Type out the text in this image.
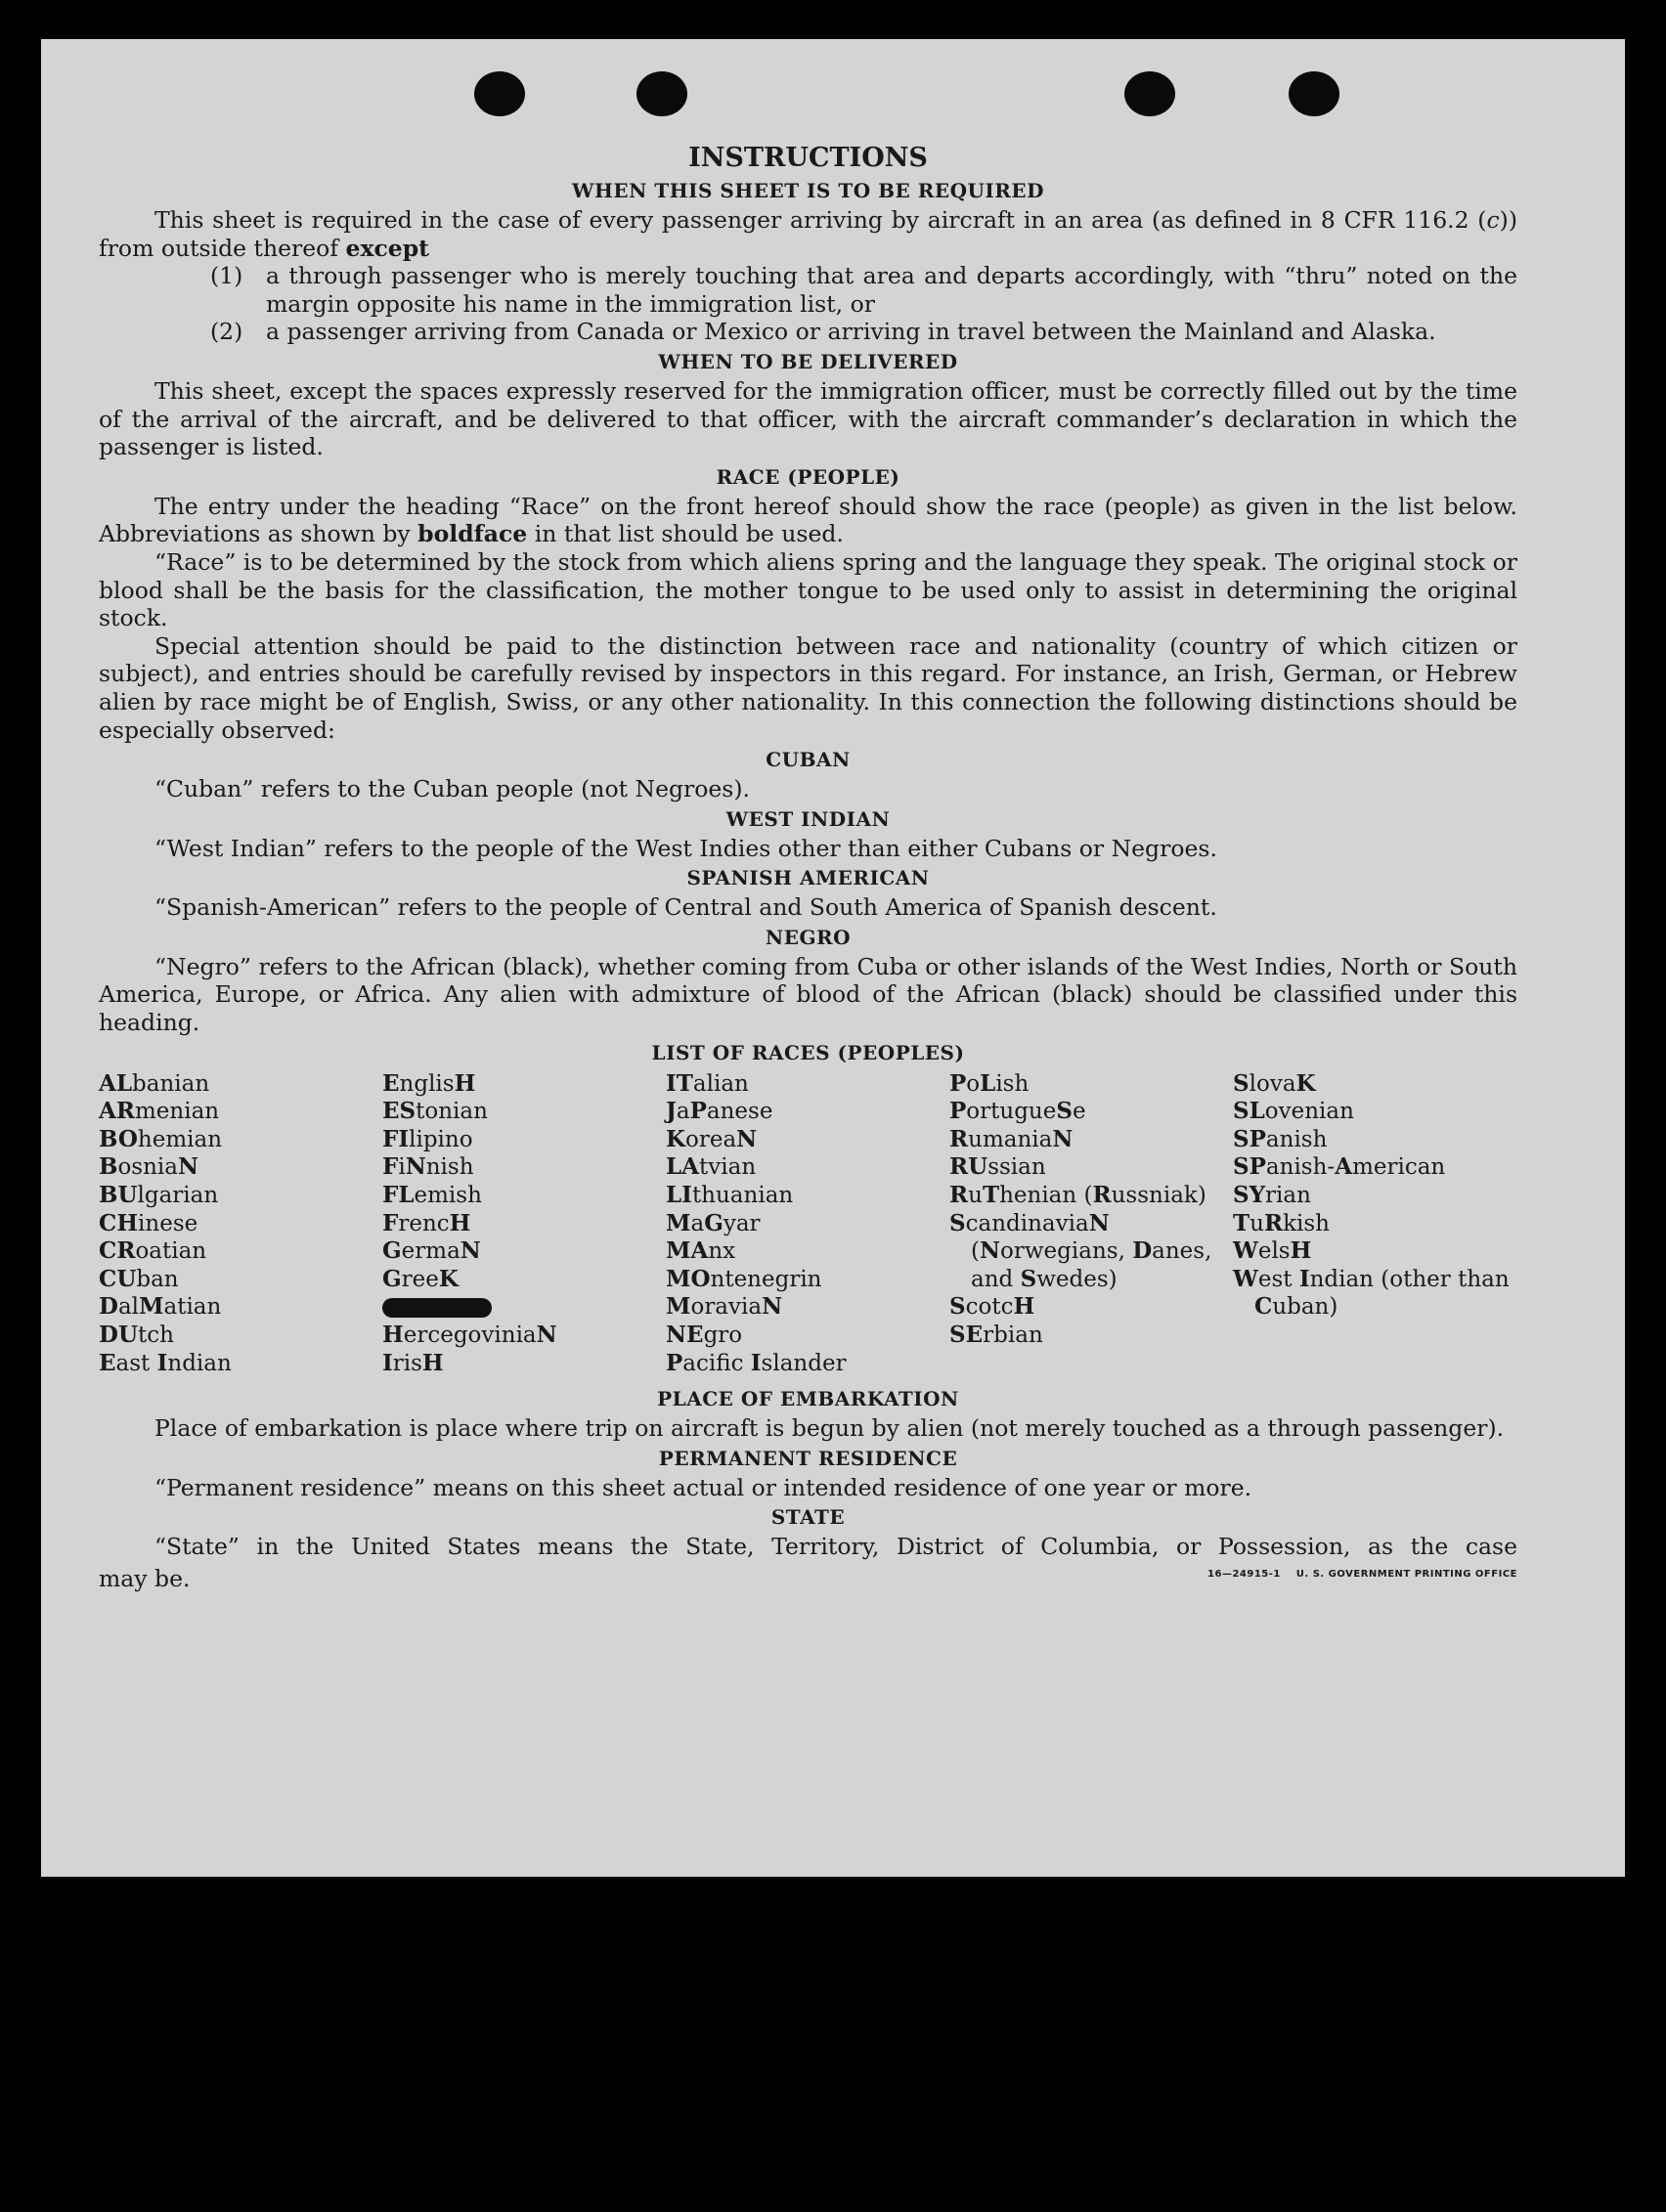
INSTRUCTIONS
WHEN THIS SHEET IS TO BE REQUIRED

This sheet is required in the case of every passenger arriving by aircraft in an area (as defined in 8 CFR 116.2 (c)) from outside thereof except

(1)	a through passenger who is merely touching that area and departs accordingly, with “thru” noted on the margin opposite his name in the immigration list, or
(2)	a passenger arriving from Canada or Mexico or arriving in travel between the Mainland and Alaska.
WHEN TO BE DELIVERED

This sheet, except the spaces expressly reserved for the immigration officer, must be correctly filled out by the time of the arrival of the aircraft, and be delivered to that officer, with the aircraft commander’s declaration in which the passenger is listed.

RACE (PEOPLE)

The entry under the heading “Race” on the front hereof should show the race (people) as given in the list below. Abbreviations as shown by boldface in that list should be used.

“Race” is to be determined by the stock from which aliens spring and the language they speak. The original stock or blood shall be the basis for the classification, the mother tongue to be used only to assist in determining the original stock.

Special attention should be paid to the distinction between race and nationality (country of which citizen or subject), and entries should be carefully revised by inspectors in this regard. For instance, an Irish, German, or Hebrew alien by race might be of English, Swiss, or any other nationality. In this connection the following distinctions should be especially observed:

CUBAN

“Cuban” refers to the Cuban people (not Negroes).

WEST INDIAN

“West Indian” refers to the people of the West Indies other than either Cubans or Negroes.

SPANISH AMERICAN

“Spanish-American” refers to the people of Central and South America of Spanish descent.

NEGRO

“Negro” refers to the African (black), whether coming from Cuba or other islands of the West Indies, North or South America, Europe, or Africa. Any alien with admixture of blood of the African (black) should be classified under this heading.

LIST OF RACES (PEOPLES)
ALbanian
ARmenian
BOhemian
BosniaN
BUlgarian
CHinese
CRoatian
CUban
DalMatian
DUtch
East Indian
EnglisH
EStonian
FIlipino
FiNnish
FLemish
FrencH
GermaN
GreeK
HercegoviniaN
IrisH
ITalian
JaPanese
KoreaN
LAtvian
LIthuanian
MaGyar
MAnx
MOntenegrin
MoraviaN
NEgro
Pacific Islander
PoLish
PortugueSe
RumaniaN
RUssian
RuThenian (Russniak)
ScandinaviaN (Norwegians, Danes, and Swedes)
ScotcH
SErbian
SlovaK
SLovenian
SPanish
SPanish-American
SYrian
TuRkish
WelsH
West Indian (other than Cuban)
PLACE OF EMBARKATION

Place of embarkation is place where trip on aircraft is begun by alien (not merely touched as a through passenger).

PERMANENT RESIDENCE

“Permanent residence” means on this sheet actual or intended residence of one year or more.

STATE

“State” in the United States means the State, Territory, District of Columbia, or Possession, as the case

may be.	16—24915-1 U. S. GOVERNMENT PRINTING OFFICE
